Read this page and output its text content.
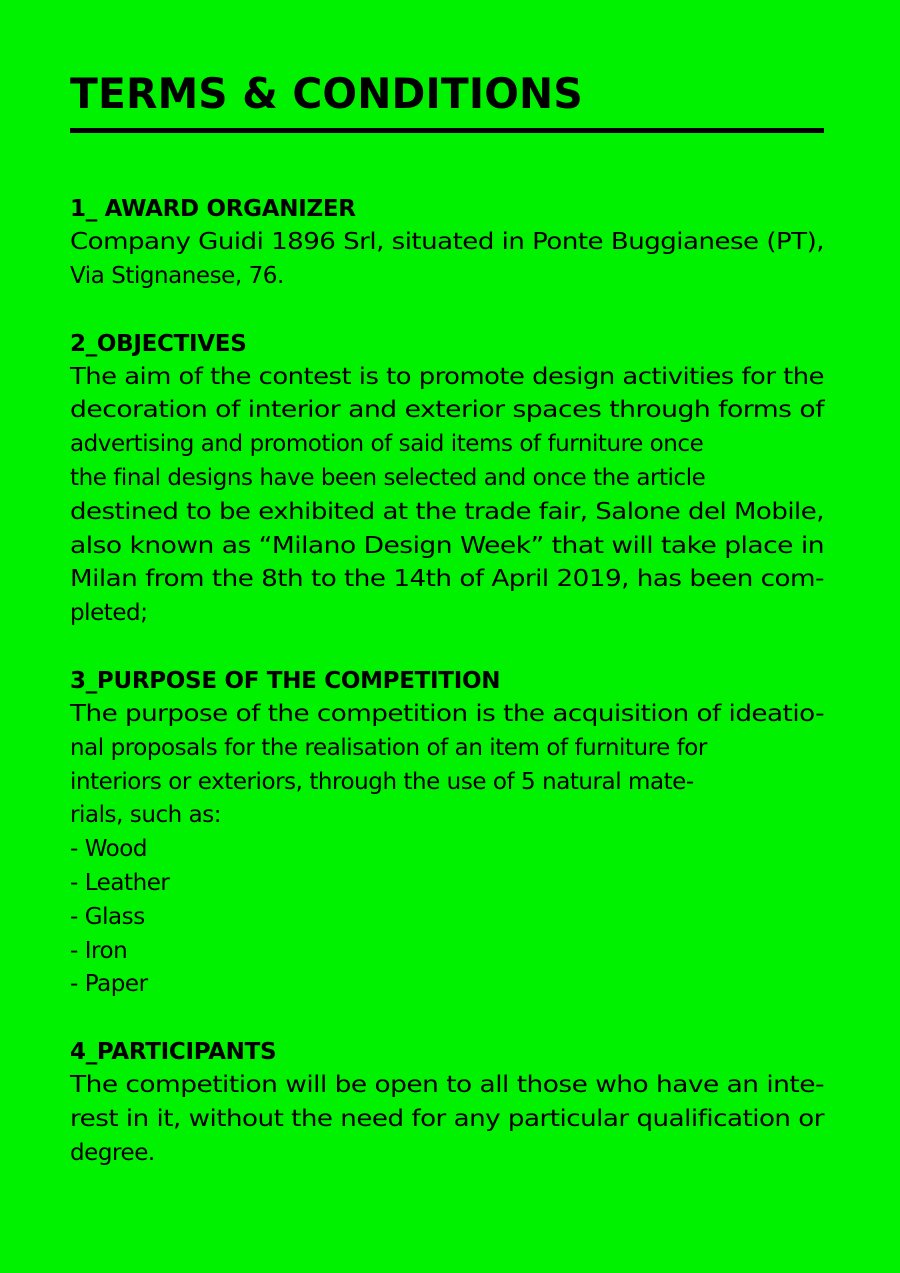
TERMS & CONDITIONS
1_ AWARD ORGANIZER
Company Guidi 1896 Srl, situated in Ponte Buggianese (PT),
Via Stignanese, 76.
2_OBJECTIVES
The aim of the contest is to promote design activities for the
decoration of interior and exterior spaces through forms of
advertising and promotion of said items of furniture once
the final designs have been selected and once the article
destined to be exhibited at the trade fair, Salone del Mobile,
also known as “Milano Design Week” that will take place in
Milan from the 8th to the 14th of April 2019, has been com-
pleted;
3_PURPOSE OF THE COMPETITION
The purpose of the competition is the acquisition of ideatio-
nal proposals for the realisation of an item of furniture for
interiors or exteriors, through the use of 5 natural mate-
rials, such as:
- Wood
- Leather
- Glass
- Iron
- Paper
4_PARTICIPANTS
The competition will be open to all those who have an inte-
rest in it, without the need for any particular qualification or
degree.
